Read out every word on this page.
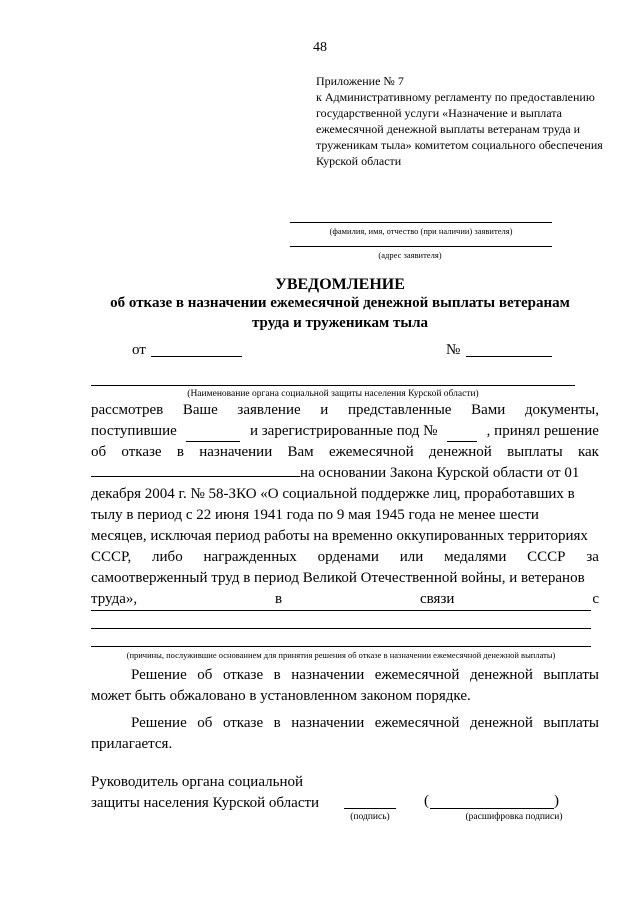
48

Приложение № 7

к Административному регламенту по предоставлению

государственной услуги «Назначение и выплата

ежемесячной денежной выплаты ветеранам труда и

труженикам тыла» комитетом социального обеспечения

Курской области

(фамилия, имя, отчество (при наличии) заявителя)
(адрес заявителя)
УВЕДОМЛЕНИЕ
об отказе в назначении ежемесячной денежной выплаты ветеранам
труда и труженикам тыла
от	№
(Наименование органа социальной защиты населения Курской области)
рассмотрев Ваше заявление и представленные Вами документы,
поступившие	и зарегистрированные под №	, принял решение
об отказе в назначении Вам ежемесячной денежной выплаты как
на основании Закона Курской области от 01
декабря 2004 г. № 58-ЗКО «О социальной поддержке лиц, проработавших в
тылу в период с 22 июня 1941 года по 9 мая 1945 года не менее шести
месяцев, исключая период работы на временно оккупированных территориях
СССР, либо награжденных орденами или медалями СССР за
самоотверженный труд в период Великой Отечественной войны, и ветеранов
труда»,	в	связи	с
(причины, послужившие основанием для принятия решения об отказе в назначении ежемесячной денежной выплаты)
Решение об отказе в назначении ежемесячной денежной выплаты
может быть обжаловано в установленном законом порядке.
Решение об отказе в назначении ежемесячной денежной выплаты
прилагается.
Руководитель органа социальной
защиты населения Курской области
(подпись)
(	)
(расшифровка подписи)
